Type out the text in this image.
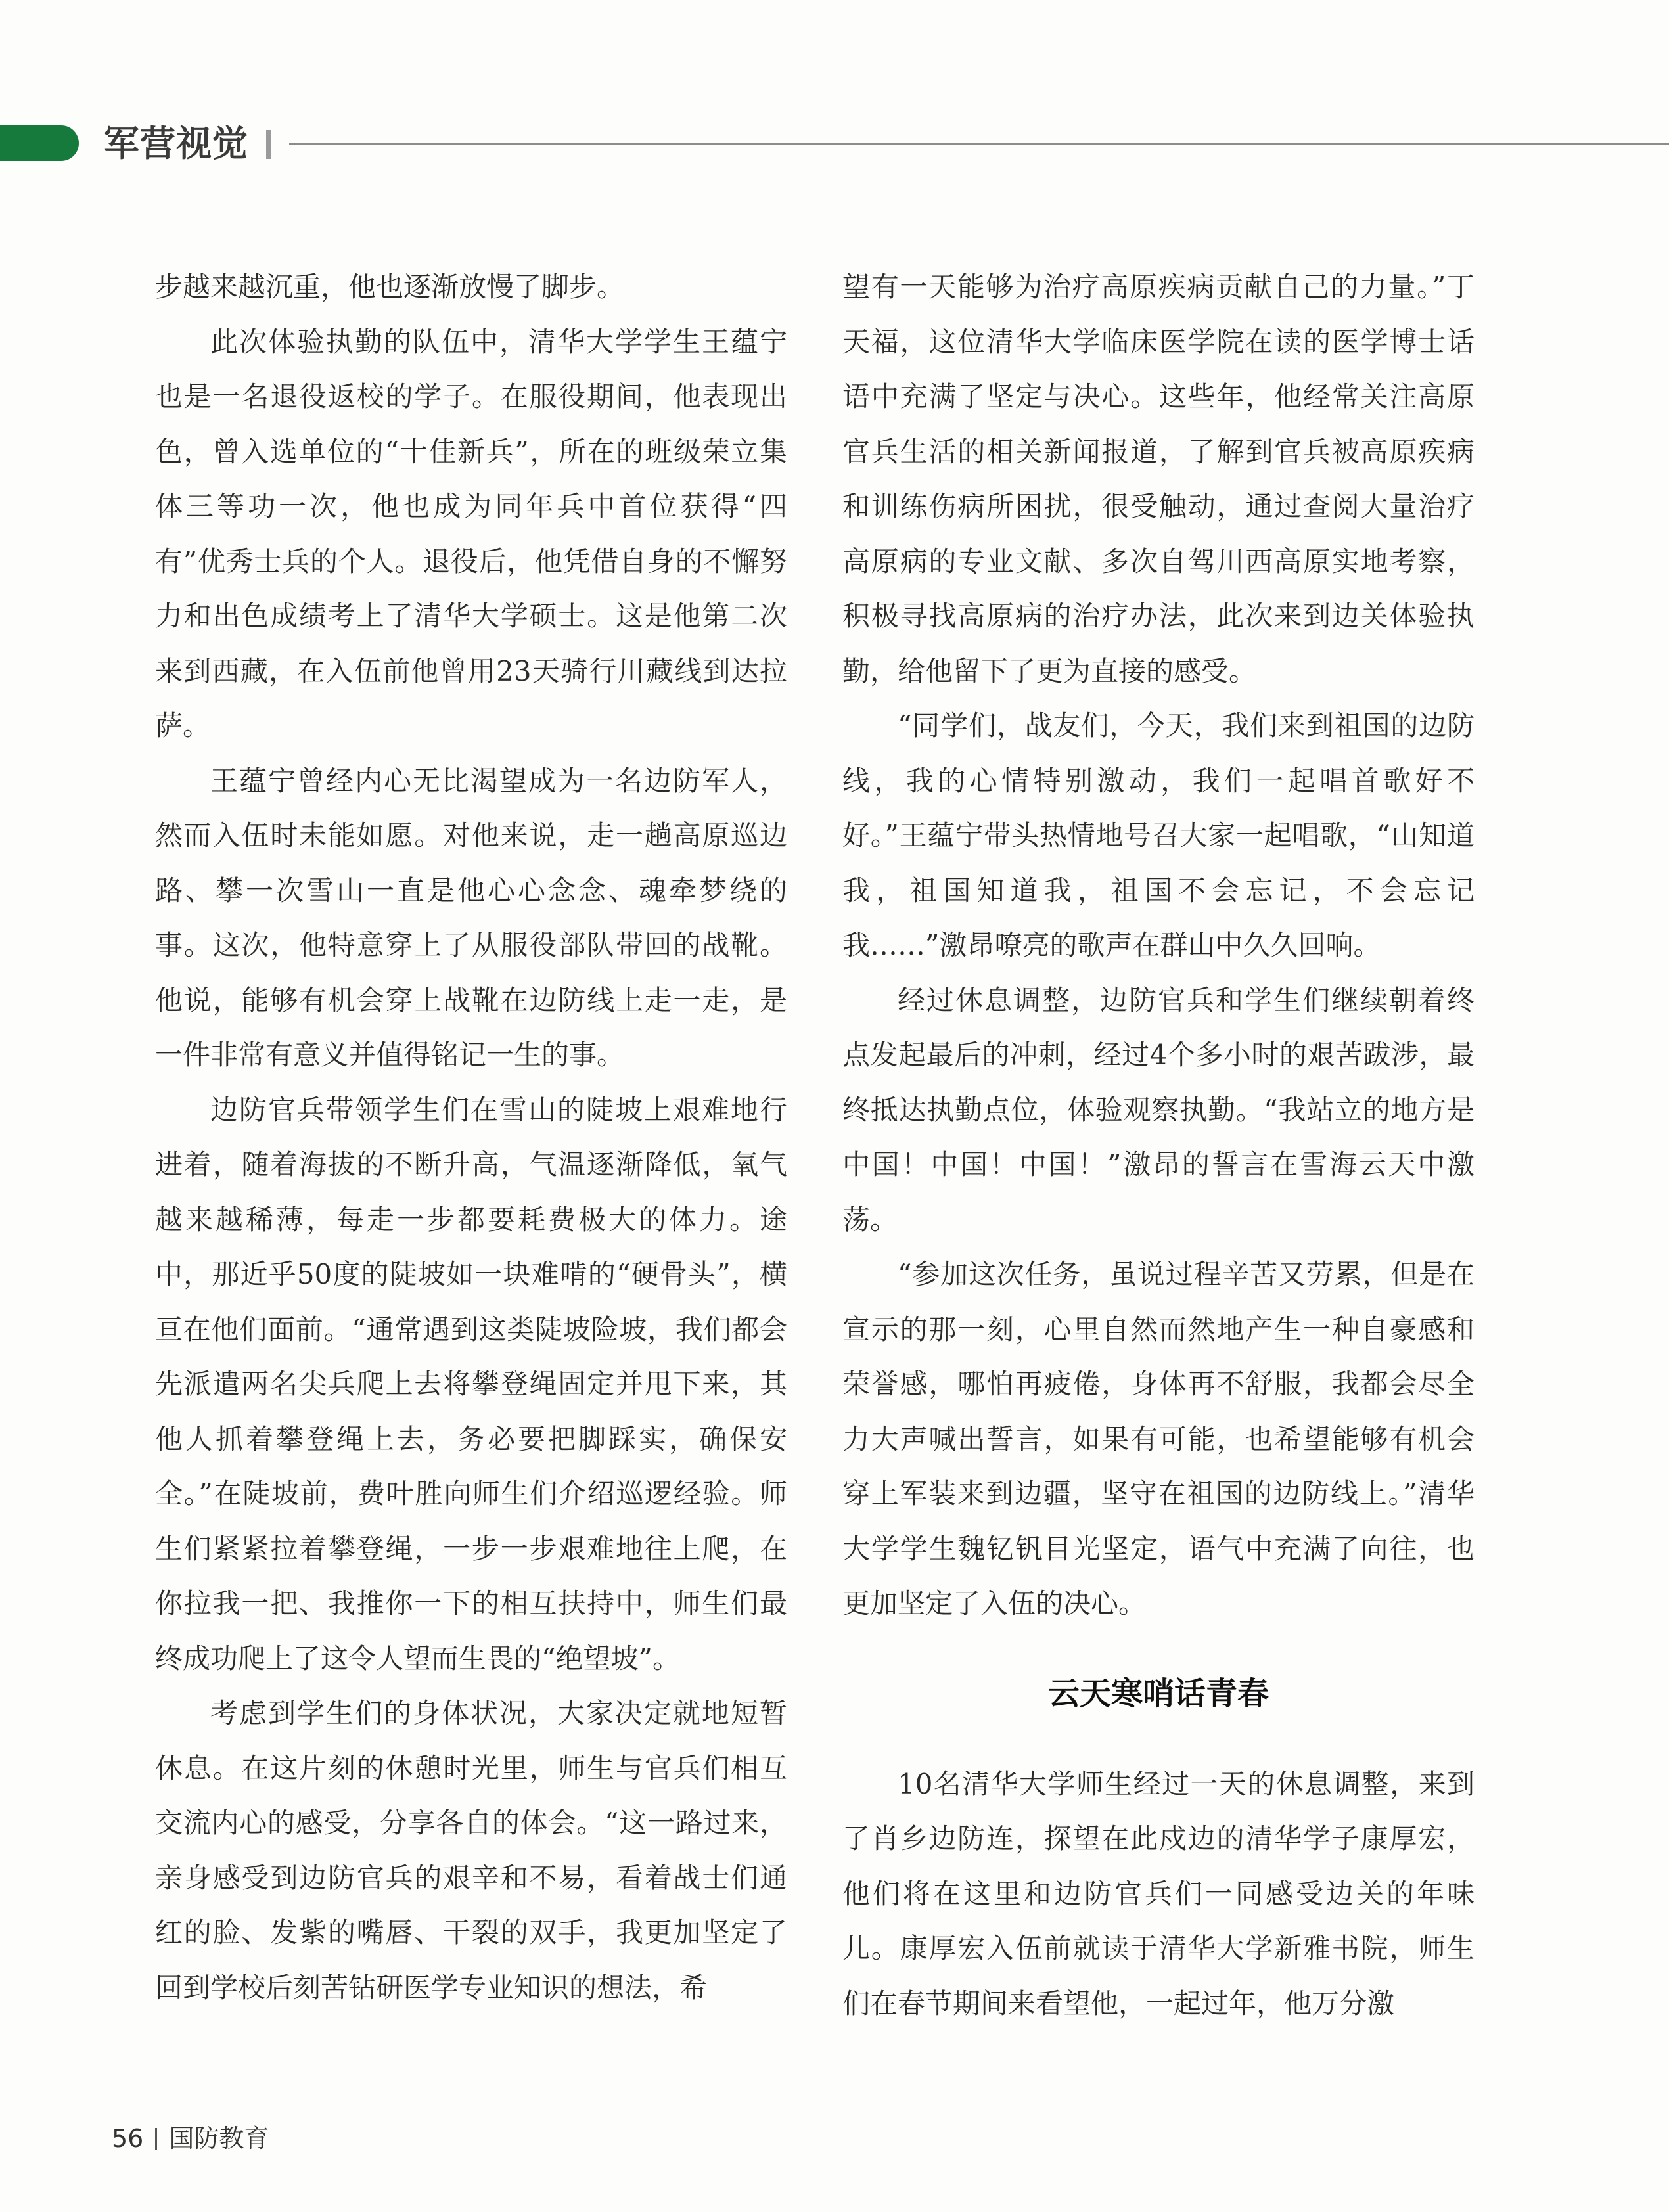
军营视觉

步越来越沉重，他也逐渐放慢了脚步。

此次体验执勤的队伍中，清华大学学生王蕴宁也是一名退役返校的学子。在服役期间，他表现出色，曾入选单位的“十佳新兵”，所在的班级荣立集体三等功一次，他也成为同年兵中首位获得“四有”优秀士兵的个人。退役后，他凭借自身的不懈努力和出色成绩考上了清华大学硕士。这是他第二次来到西藏，在入伍前他曾用23天骑行川藏线到达拉萨。

王蕴宁曾经内心无比渴望成为一名边防军人，然而入伍时未能如愿。对他来说，走一趟高原巡边路、攀一次雪山一直是他心心念念、魂牵梦绕的事。这次，他特意穿上了从服役部队带回的战靴。他说，能够有机会穿上战靴在边防线上走一走，是一件非常有意义并值得铭记一生的事。

边防官兵带领学生们在雪山的陡坡上艰难地行进着，随着海拔的不断升高，气温逐渐降低，氧气越来越稀薄，每走一步都要耗费极大的体力。途中，那近乎50度的陡坡如一块难啃的“硬骨头”，横亘在他们面前。“通常遇到这类陡坡险坡，我们都会先派遣两名尖兵爬上去将攀登绳固定并甩下来，其他人抓着攀登绳上去，务必要把脚踩实，确保安全。”在陡坡前，费叶胜向师生们介绍巡逻经验。师生们紧紧拉着攀登绳，一步一步艰难地往上爬，在你拉我一把、我推你一下的相互扶持中，师生们最终成功爬上了这令人望而生畏的“绝望坡”。

考虑到学生们的身体状况，大家决定就地短暂休息。在这片刻的休憩时光里，师生与官兵们相互交流内心的感受，分享各自的体会。“这一路过来，亲身感受到边防官兵的艰辛和不易，看着战士们通红的脸、发紫的嘴唇、干裂的双手，我更加坚定了回到学校后刻苦钻研医学专业知识的想法，希

望有一天能够为治疗高原疾病贡献自己的力量。”丁天福，这位清华大学临床医学院在读的医学博士话语中充满了坚定与决心。这些年，他经常关注高原官兵生活的相关新闻报道，了解到官兵被高原疾病和训练伤病所困扰，很受触动，通过查阅大量治疗高原病的专业文献、多次自驾川西高原实地考察，积极寻找高原病的治疗办法，此次来到边关体验执勤，给他留下了更为直接的感受。

“同学们，战友们，今天，我们来到祖国的边防线，我的心情特别激动，我们一起唱首歌好不好。”王蕴宁带头热情地号召大家一起唱歌，“山知道我，祖国知道我，祖国不会忘记，不会忘记我……”激昂嘹亮的歌声在群山中久久回响。

经过休息调整，边防官兵和学生们继续朝着终点发起最后的冲刺，经过4个多小时的艰苦跋涉，最终抵达执勤点位，体验观察执勤。“我站立的地方是中国！中国！中国！”激昂的誓言在雪海云天中激荡。

“参加这次任务，虽说过程辛苦又劳累，但是在宣示的那一刻，心里自然而然地产生一种自豪感和荣誉感，哪怕再疲倦，身体再不舒服，我都会尽全力大声喊出誓言，如果有可能，也希望能够有机会穿上军装来到边疆，坚守在祖国的边防线上。”清华大学学生魏钇钒目光坚定，语气中充满了向往，也更加坚定了入伍的决心。

云天寒哨话青春

10名清华大学师生经过一天的休息调整，来到了肖乡边防连，探望在此戍边的清华学子康厚宏，他们将在这里和边防官兵们一同感受边关的年味儿。康厚宏入伍前就读于清华大学新雅书院，师生们在春节期间来看望他，一起过年，他万分激

56 国防教育
